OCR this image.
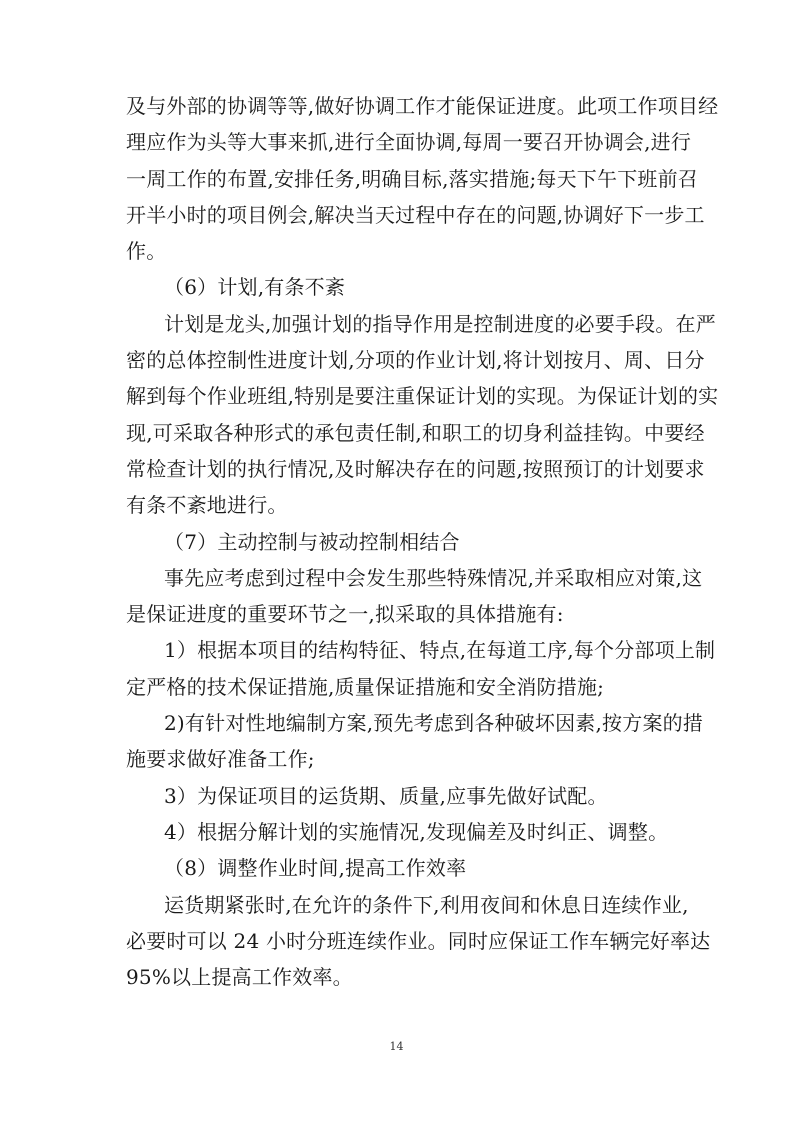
及与外部的协调等等,做好协调工作才能保证进度。此项工作项目经
理应作为头等大事来抓,进行全面协调,每周一要召开协调会,进行
一周工作的布置,安排任务,明确目标,落实措施;每天下午下班前召
开半小时的项目例会,解决当天过程中存在的问题,协调好下一步工
作。
（6）计划,有条不紊
计划是龙头,加强计划的指导作用是控制进度的必要手段。在严
密的总体控制性进度计划,分项的作业计划,将计划按月、周、日分
解到每个作业班组,特别是要注重保证计划的实现。为保证计划的实
现,可采取各种形式的承包责任制,和职工的切身利益挂钩。中要经
常检查计划的执行情况,及时解决存在的问题,按照预订的计划要求
有条不紊地进行。
（7）主动控制与被动控制相结合
事先应考虑到过程中会发生那些特殊情况,并采取相应对策,这
是保证进度的重要环节之一,拟采取的具体措施有:
1）根据本项目的结构特征、特点,在每道工序,每个分部项上制
定严格的技术保证措施,质量保证措施和安全消防措施;
2)有针对性地编制方案,预先考虑到各种破坏因素,按方案的措
施要求做好准备工作;
3）为保证项目的运货期、质量,应事先做好试配。
4）根据分解计划的实施情况,发现偏差及时纠正、调整。
（8）调整作业时间,提高工作效率
运货期紧张时,在允许的条件下,利用夜间和休息日连续作业,
必要时可以 24 小时分班连续作业。同时应保证工作车辆完好率达
95%以上提高工作效率。
14
